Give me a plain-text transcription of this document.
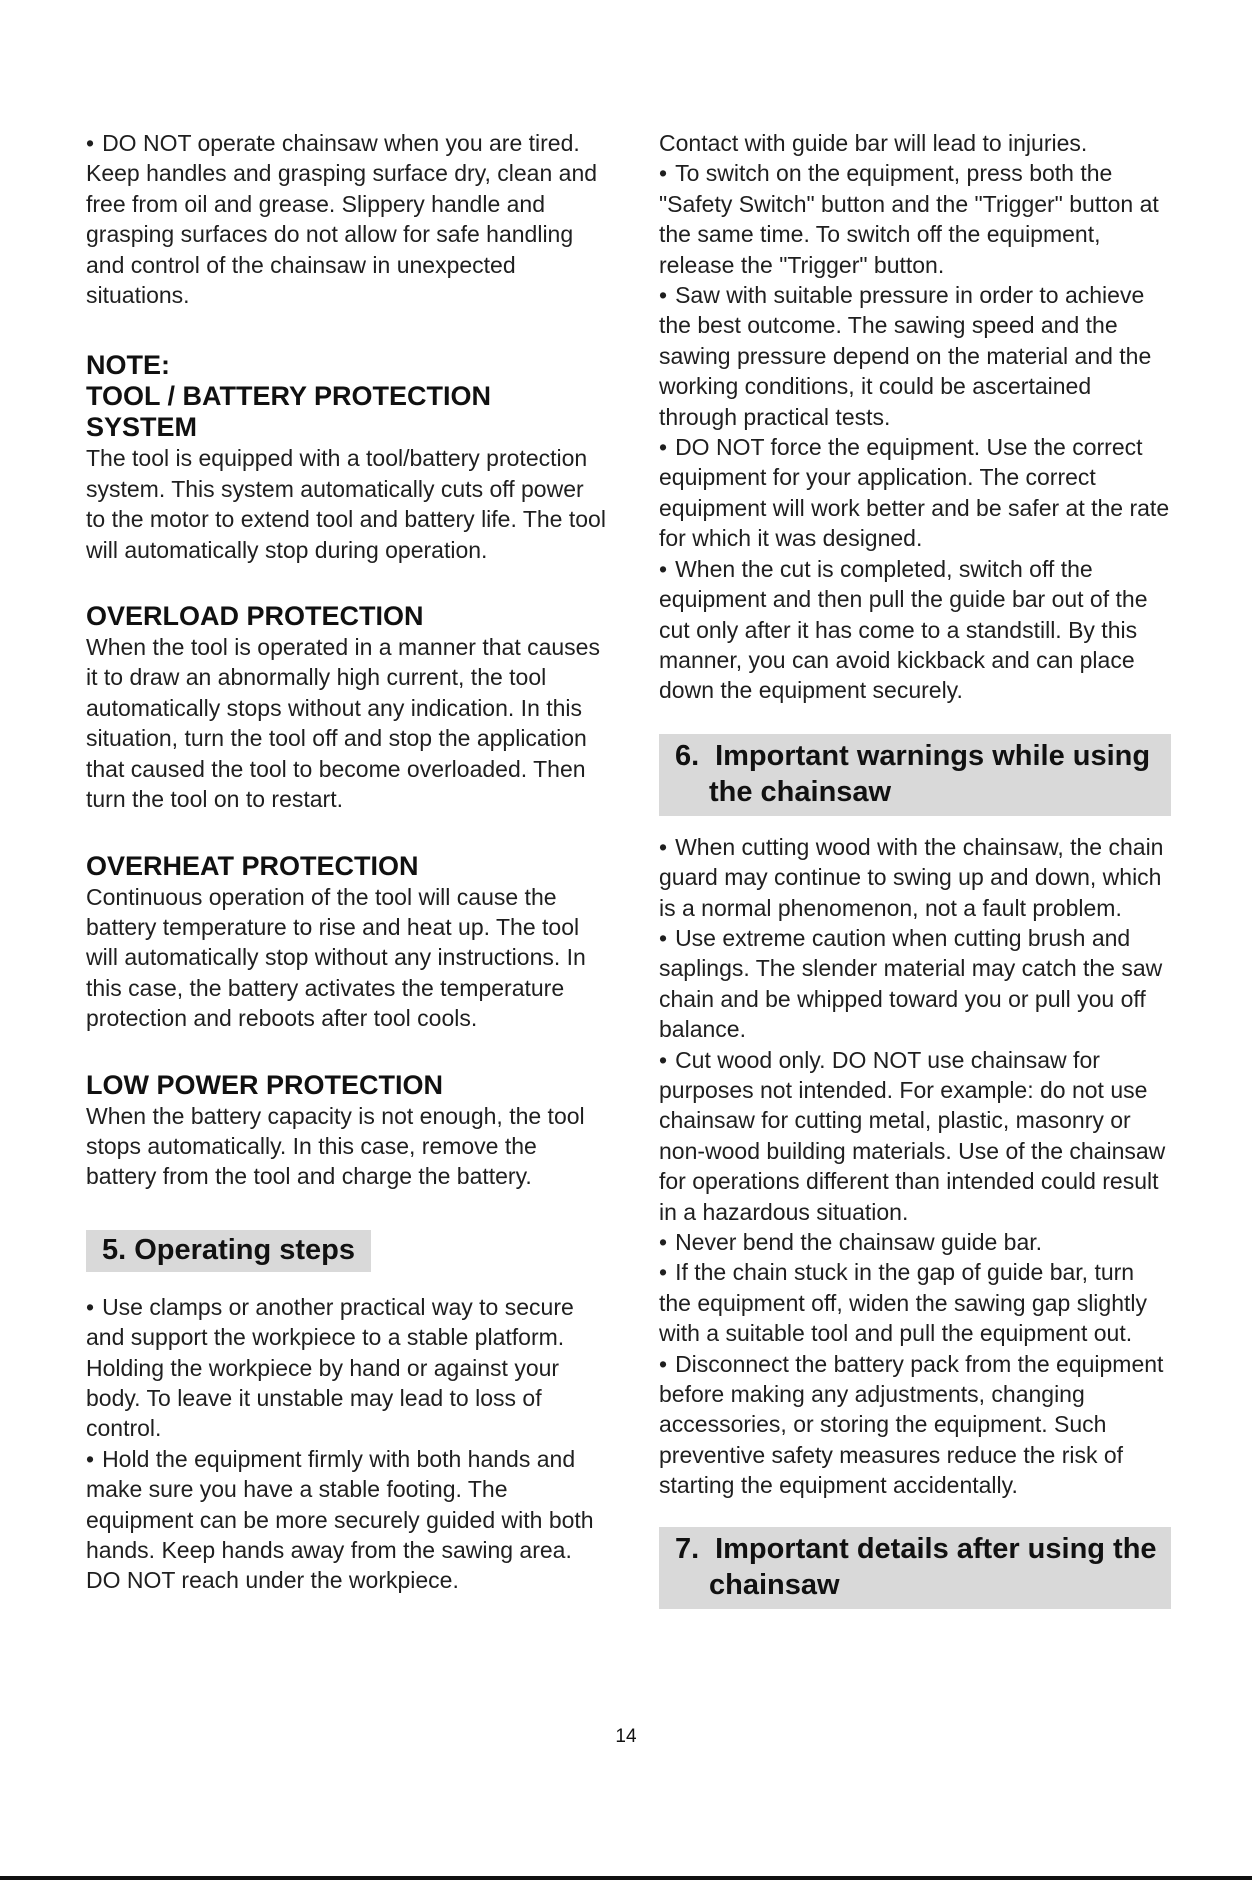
• DO NOT operate chainsaw when you are tired. Keep handles and grasping surface dry, clean and free from oil and grease. Slippery handle and grasping surfaces do not allow for safe handling and control of the chainsaw in unexpected situations.

NOTE:
TOOL / BATTERY PROTECTION
SYSTEM

The tool is equipped with a tool/battery protection system. This system automatically cuts off power to the motor to extend tool and battery life. The tool will automatically stop during operation.

OVERLOAD PROTECTION

When the tool is operated in a manner that causes it to draw an abnormally high current, the tool automatically stops without any indication. In this situation, turn the tool off and stop the application that caused the tool to become overloaded. Then turn the tool on to restart.

OVERHEAT PROTECTION

Continuous operation of the tool will cause the battery temperature to rise and heat up. The tool will automatically stop without any instructions. In this case, the battery activates the temperature protection and reboots after tool cools.

LOW POWER PROTECTION

When the battery capacity is not enough, the tool stops automatically. In this case, remove the battery from the tool and charge the battery.

5. Operating steps

• Use clamps or another practical way to secure and support the workpiece to a stable platform. Holding the workpiece by hand or against your body. To leave it unstable may lead to loss of control.

• Hold the equipment firmly with both hands and make sure you have a stable footing. The equipment can be more securely guided with both hands. Keep hands away from the sawing area. DO NOT reach under the workpiece.

Contact with guide bar will lead to injuries.

• To switch on the equipment, press both the "Safety Switch" button and the "Trigger" button at the same time. To switch off the equipment, release the "Trigger" button.

• Saw with suitable pressure in order to achieve the best outcome. The sawing speed and the sawing pressure depend on the material and the working conditions, it could be ascertained through practical tests.

• DO NOT force the equipment. Use the correct equipment for your application. The correct equipment will work better and be safer at the rate for which it was designed.

• When the cut is completed, switch off the equipment and then pull the guide bar out of the cut only after it has come to a standstill. By this manner, you can avoid kickback and can place down the equipment securely.

6. Important warnings while using
the chainsaw

• When cutting wood with the chainsaw, the chain guard may continue to swing up and down, which is a normal phenomenon, not a fault problem.

• Use extreme caution when cutting brush and saplings. The slender material may catch the saw chain and be whipped toward you or pull you off balance.

• Cut wood only. DO NOT use chainsaw for purposes not intended. For example: do not use chainsaw for cutting metal, plastic, masonry or non-wood building materials. Use of the chainsaw for operations different than intended could result in a hazardous situation.

• Never bend the chainsaw guide bar.

• If the chain stuck in the gap of guide bar, turn the equipment off, widen the sawing gap slightly with a suitable tool and pull the equipment out.

• Disconnect the battery pack from the equipment before making any adjustments, changing accessories, or storing the equipment. Such preventive safety measures reduce the risk of starting the equipment accidentally.

7. Important details after using the
chainsaw
14
